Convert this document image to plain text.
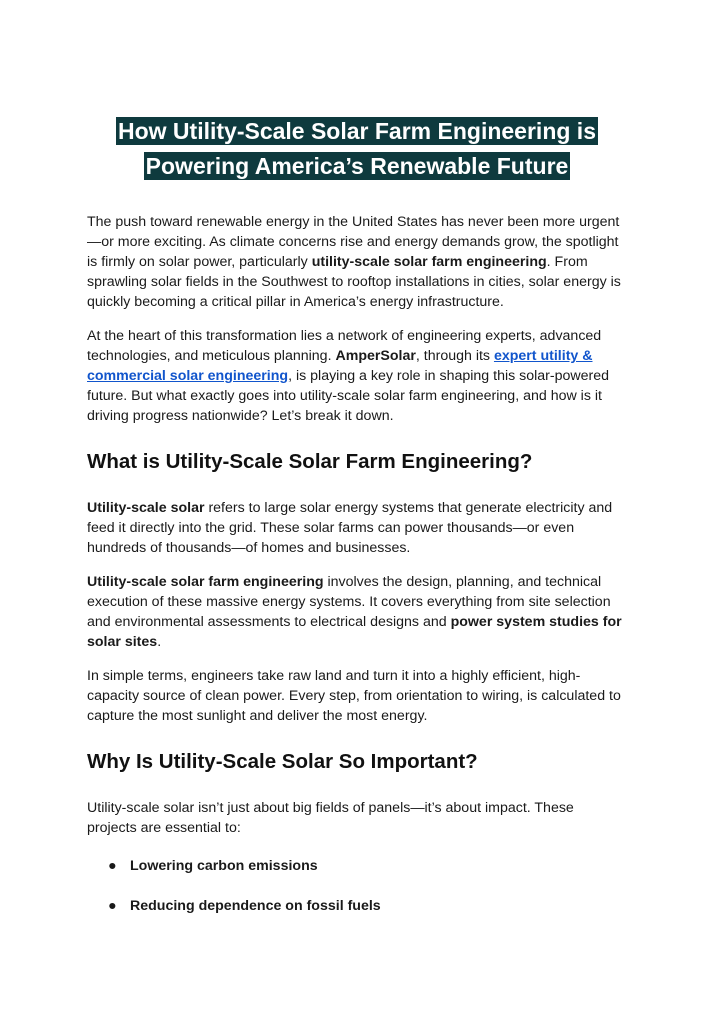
How Utility-Scale Solar Farm Engineering is
Powering America’s Renewable Future

The push toward renewable energy in the United States has never been more urgent—or more exciting. As climate concerns rise and energy demands grow, the spotlight is firmly on solar power, particularly utility-scale solar farm engineering. From sprawling solar fields in the Southwest to rooftop installations in cities, solar energy is quickly becoming a critical pillar in America’s energy infrastructure.

At the heart of this transformation lies a network of engineering experts, advanced technologies, and meticulous planning. AmperSolar, through its expert utility & commercial solar engineering, is playing a key role in shaping this solar-powered future. But what exactly goes into utility-scale solar farm engineering, and how is it driving progress nationwide? Let’s break it down.

What is Utility-Scale Solar Farm Engineering?

Utility-scale solar refers to large solar energy systems that generate electricity and feed it directly into the grid. These solar farms can power thousands—or even hundreds of thousands—of homes and businesses.

Utility-scale solar farm engineering involves the design, planning, and technical execution of these massive energy systems. It covers everything from site selection and environmental assessments to electrical designs and power system studies for solar sites.

In simple terms, engineers take raw land and turn it into a highly efficient, high-capacity source of clean power. Every step, from orientation to wiring, is calculated to capture the most sunlight and deliver the most energy.

Why Is Utility-Scale Solar So Important?

Utility-scale solar isn’t just about big fields of panels—it’s about impact. These projects are essential to:

● Lowering carbon emissions
● Reducing dependence on fossil fuels
